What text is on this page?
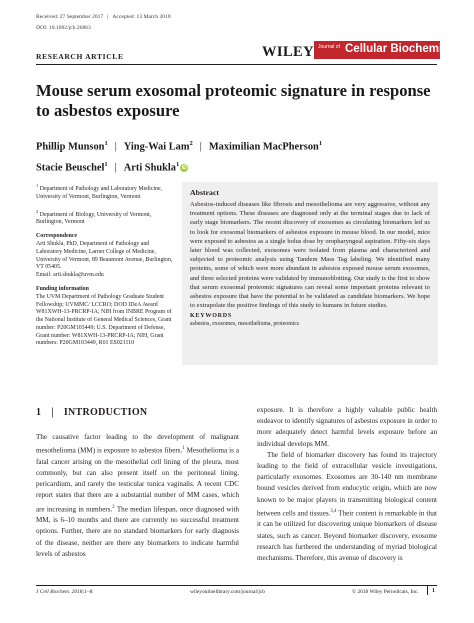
Received: 27 September 2017 | Accepted: 13 March 2018
DOI: 10.1002/jcb.26863
RESEARCH ARTICLE	WILEY Journal of Cellular Biochemistry
Mouse serum exosomal proteomic signature in response to asbestos exposure
Phillip Munson$^1$ | Ying-Wai Lam$^2$ | Maximilian MacPherson$^1$
Stacie Beuschel$^1$ | Arti Shukla$^1$iD
$^1$ Department of Pathology and Laboratory Medicine, University of Vermont, Burlington, Vermont
$^2$ Department of Biology, University of Vermont, Burlington, Vermont
Correspondence
Arti Shukla, PhD, Department of Pathology and Laboratory Medicine, Larner College of Medicine, University of Vermont, 89 Beaumont Avenue, Burlington, VT 05405.
Email: arti.shukla@uvm.edu
Funding information
The UVM Department of Pathology Graduate Student Fellowship; UVMMC/ LCCRO; DOD IDeA Award W81XWH-13-PRCRP-IA; NIH from INBRE Program of the National Institute of General Medical Sciences, Grant number: P20GM103449; U.S. Department of Defense, Grant number: W81XWH-13-PRCRP-IA; NIH, Grant numbers: P20GM103449, R01 ES021110
Abstract
Asbestos-induced diseases like fibrosis and mesothelioma are very aggressive, without any treatment options. These diseases are diagnosed only at the terminal stages due to lack of early stage biomarkers. The recent discovery of exosomes as circulating biomarkers led us to look for exosomal biomarkers of asbestos exposure in mouse blood. In our model, mice were exposed to asbestos as a single bolus dose by oropharyngeal aspiration. Fifty-six days later blood was collected, exosomes were isolated from plasma and characterized and subjected to proteomic analysis using Tandem Mass Tag labeling. We identified many proteins, some of which were more abundant in asbestos exposed mouse serum exosomes, and three selected proteins were validated by immunoblotting. Our study is the first to show that serum exosomal proteomic signatures can reveal some important proteins relevant to asbestos exposure that have the potential to be validated as candidate biomarkers. We hope to extrapolate the positive findings of this study to humans in future studies.
KEYWORDS
asbestos, exosomes, mesothelioma, proteomics
1 | INTRODUCTION

The causative factor leading to the development of malignant mesothelioma (MM) is exposure to asbestos fibers.$^1$ Mesothelioma is a fatal cancer arising on the mesothelial cell lining of the pleura, most commonly, but can also present itself on the peritoneal lining, pericardium, and rarely the testicular tunica vaginalis. A recent CDC report states that there are a substantial number of MM cases, which are increasing in numbers.$^2$ The median lifespan, once diagnosed with MM, is 6–10 months and there are currently no successful treatment options. Further, there are no standard biomarkers for early diagnosis of the disease, neither are there any biomarkers to indicate harmful levels of asbestos

exposure. It is therefore a highly valuable public health endeavor to identify signatures of asbestos exposure in order to more adequately detect harmful levels exposure before an individual develops MM.

The field of biomarker discovery has found its trajectory leading to the field of extracellular vesicle investigations, particularly exosomes. Exosomes are 30-140 nm membrane bound vesicles derived from endocytic origin, which are now known to be major players in transmitting biological content between cells and tissues.$^{3,4}$ Their content is remarkable in that it can be utilized for discovering unique biomarkers of disease states, such as cancer. Beyond biomarker discovery, exosome research has furthered the understanding of myriad biological mechanisms. Therefore, this avenue of discovery is

J Cell Biochem. 2018;1–8.	wileyonlinelibrary.com/journal/jcb	© 2018 Wiley Periodicals, Inc. 1
